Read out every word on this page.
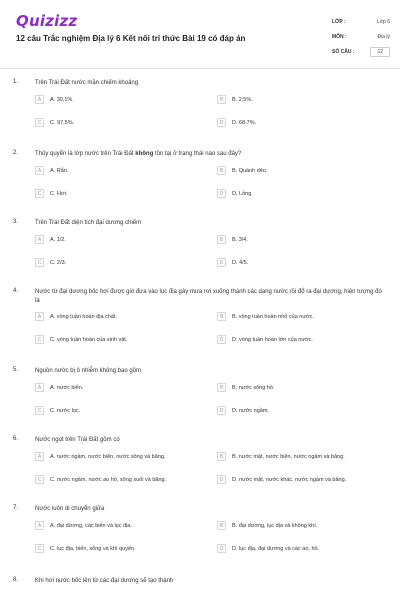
Quizizz
12 câu Trắc nghiệm Địa lý 6 Kết nối tri thức Bài 19 có đáp án
LỚP :	Lớp 6
MÔN :	Địa lý
SỐ CÂU :	12
1.	Trên Trái Đất nước mặn chiếm khoảng
A	A. 30,1%.	B	B. 2,5%.
C	C. 97,5%.	D	D. 68,7%.
2.	Thủy quyển là lớp nước trên Trái Đất không tồn tại ở trạng thái nào sau đây?
A	A. Rắn.	B	B. Quánh dẻo.
C	C. Hơi.	D	D. Lỏng.
3.	Trên Trái Đất diện tích đại dương chiếm
A	A. 1/2.	B	B. 3/4.
C	C. 2/3.	D	D. 4/5.
4.	Nước từ đại dương bốc hơi được gió đưa vào lục địa gây mưa rơi xuống thành các dạng nước rồi đổ ra đại dương, hiện tượng đó là
A	A. vòng tuần hoàn địa chất.	B	B. vòng tuần hoàn nhỏ của nước.
C	C. vòng tuần hoàn của sinh vật.	D	D. vòng tuần hoàn lớn của nước.
5.	Nguồn nước bị ô nhiễm không bao gồm
A	A. nước biển.	B	B. nước sông hồ.
C	C. nước lọc.	D	D. nước ngầm.
6.	Nước ngọt trên Trái Đất gồm có
A	A. nước ngầm, nước biển, nước sông và băng.	B	B. nước mặt, nước biển, nước ngầm và băng.
C	C. nước ngầm, nước ao hồ, sông suối và băng.	D	D. nước mặt, nước khác, nước ngầm và băng.
7.	Nước luôn di chuyển giữa
A	A. đại dương, các biển và lục địa.	B	B. đại dương, lục địa và không khí.
C	C. lục địa, biển, sông và khí quyển.	D	D. lục địa, đại dương và các ao, hồ.
8.	Khi hơi nước bốc lên từ các đại dương sẽ tạo thành
